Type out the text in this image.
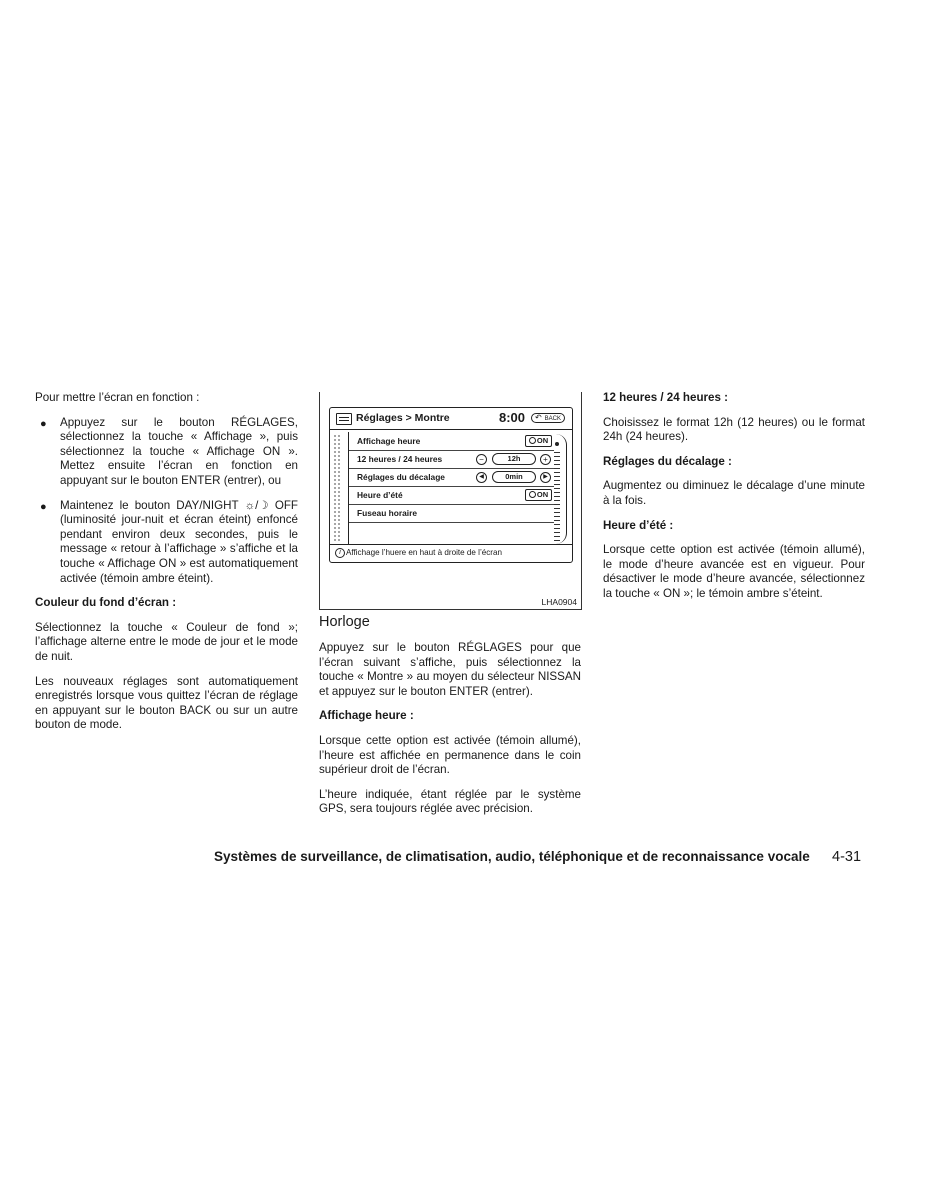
Pour mettre l’écran en fonction :

● Appuyez sur le bouton RÉGLAGES, sélectionnez la touche « Affichage », puis sélectionnez la touche « Affichage ON ». Mettez ensuite l’écran en fonction en appuyant sur le bouton ENTER (entrer), ou
● Maintenez le bouton DAY/NIGHT ☼/☽ OFF (luminosité jour-nuit et écran éteint) enfoncé pendant environ deux secondes, puis le message « retour à l’affichage » s’affiche et la touche « Affichage ON » est automatiquement activée (témoin ambre éteint).

Couleur du fond d’écran :

Sélectionnez la touche « Couleur de fond »; l’affichage alterne entre le mode de jour et le mode de nuit.

Les nouveaux réglages sont automatiquement enregistrés lorsque vous quittez l’écran de réglage en appuyant sur le bouton BACK ou sur un autre bouton de mode.

Réglages > Montre	8:00 ↶ BACK
Affichage heure	ON
12 heures / 24 heures	−	12h	+
Réglages du décalage	◀	0min	▶
Heure d’été	ON
Fuseau horaire
i Affichage l’huere en haut à droite de l’écran
LHA0904

Horloge

Appuyez sur le bouton RÉGLAGES pour que l’écran suivant s’affiche, puis sélectionnez la touche « Montre » au moyen du sélecteur NISSAN et appuyez sur le bouton ENTER (entrer).

Affichage heure :

Lorsque cette option est activée (témoin allumé), l’heure est affichée en permanence dans le coin supérieur droit de l’écran.

L’heure indiquée, étant réglée par le système GPS, sera toujours réglée avec précision.

12 heures / 24 heures :

Choisissez le format 12h (12 heures) ou le format 24h (24 heures).

Réglages du décalage :

Augmentez ou diminuez le décalage d’une minute à la fois.

Heure d’été :

Lorsque cette option est activée (témoin allumé), le mode d’heure avancée est en vigueur. Pour désactiver le mode d’heure avancée, sélectionnez la touche « ON »; le témoin ambre s’éteint.

Systèmes de surveillance, de climatisation, audio, téléphonique et de reconnaissance vocale 4-31
